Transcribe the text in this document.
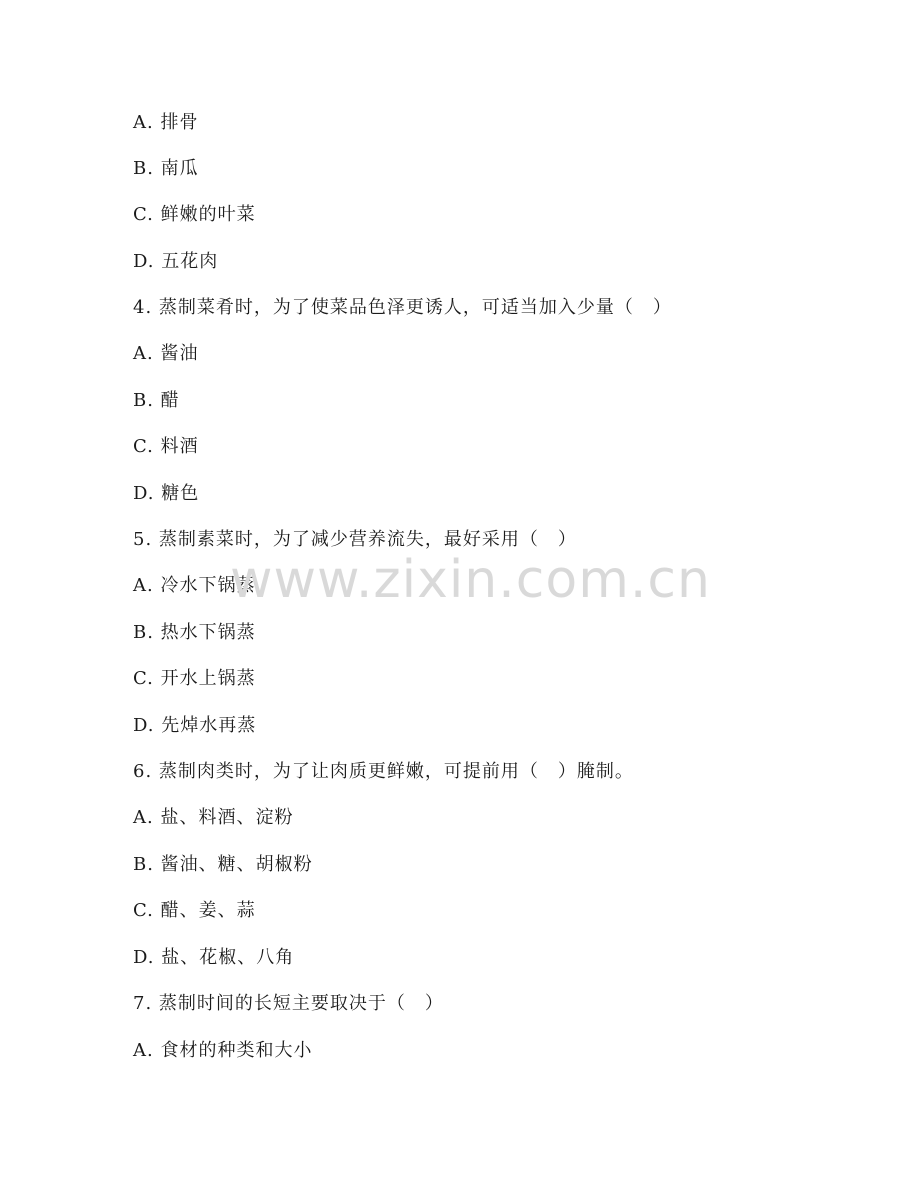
A. 排骨
B. 南瓜
C. 鲜嫩的叶菜
D. 五花肉
4. 蒸制菜肴时，为了使菜品色泽更诱人，可适当加入少量（　）
A. 酱油
B. 醋
C. 料酒
D. 糖色
5. 蒸制素菜时，为了减少营养流失，最好采用（　）
A. 冷水下锅蒸
B. 热水下锅蒸
C. 开水上锅蒸
D. 先焯水再蒸
6. 蒸制肉类时，为了让肉质更鲜嫩，可提前用（　）腌制。
A. 盐、料酒、淀粉
B. 酱油、糖、胡椒粉
C. 醋、姜、蒜
D. 盐、花椒、八角
7. 蒸制时间的长短主要取决于（　）
A. 食材的种类和大小
www.zixin.com.cn
